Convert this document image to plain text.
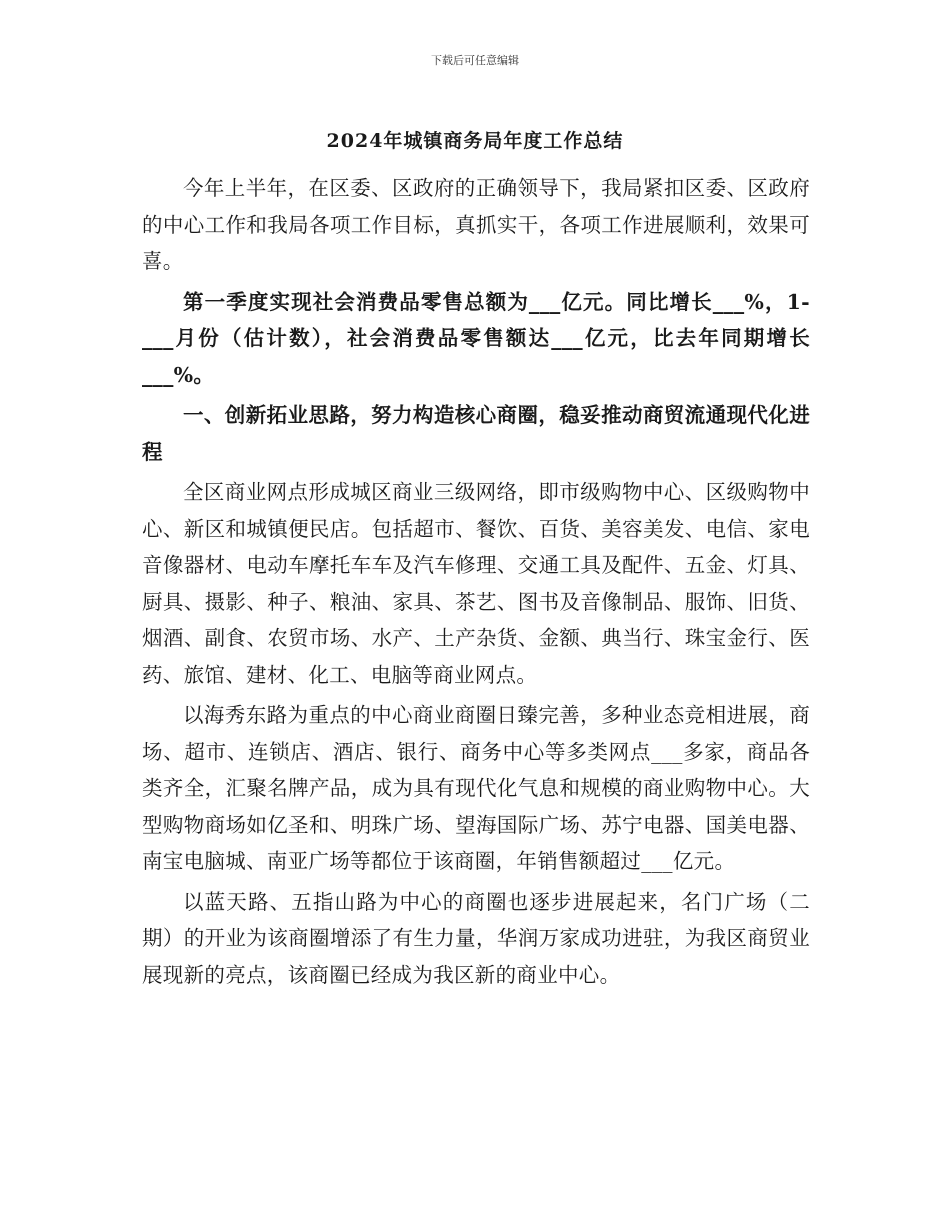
下载后可任意编辑
2024年城镇商务局年度工作总结

今年上半年，在区委、区政府的正确领导下，我局紧扣区委、区政府的中心工作和我局各项工作目标，真抓实干，各项工作进展顺利，效果可喜。

第一季度实现社会消费品零售总额为___亿元。同比增长___%，1-___月份（估计数），社会消费品零售额达___亿元，比去年同期增长___%。

一、创新拓业思路，努力构造核心商圈，稳妥推动商贸流通现代化进程

全区商业网点形成城区商业三级网络，即市级购物中心、区级购物中心、新区和城镇便民店。包括超市、餐饮、百货、美容美发、电信、家电音像器材、电动车摩托车车及汽车修理、交通工具及配件、五金、灯具、厨具、摄影、种子、粮油、家具、茶艺、图书及音像制品、服饰、旧货、烟酒、副食、农贸市场、水产、土产杂货、金额、典当行、珠宝金行、医药、旅馆、建材、化工、电脑等商业网点。

以海秀东路为重点的中心商业商圈日臻完善，多种业态竞相进展，商场、超市、连锁店、酒店、银行、商务中心等多类网点___多家，商品各类齐全，汇聚名牌产品，成为具有现代化气息和规模的商业购物中心。大型购物商场如亿圣和、明珠广场、望海国际广场、苏宁电器、国美电器、南宝电脑城、南亚广场等都位于该商圈，年销售额超过___亿元。

以蓝天路、五指山路为中心的商圈也逐步进展起来，名门广场（二期）的开业为该商圈增添了有生力量，华润万家成功进驻，为我区商贸业展现新的亮点，该商圈已经成为我区新的商业中心。
